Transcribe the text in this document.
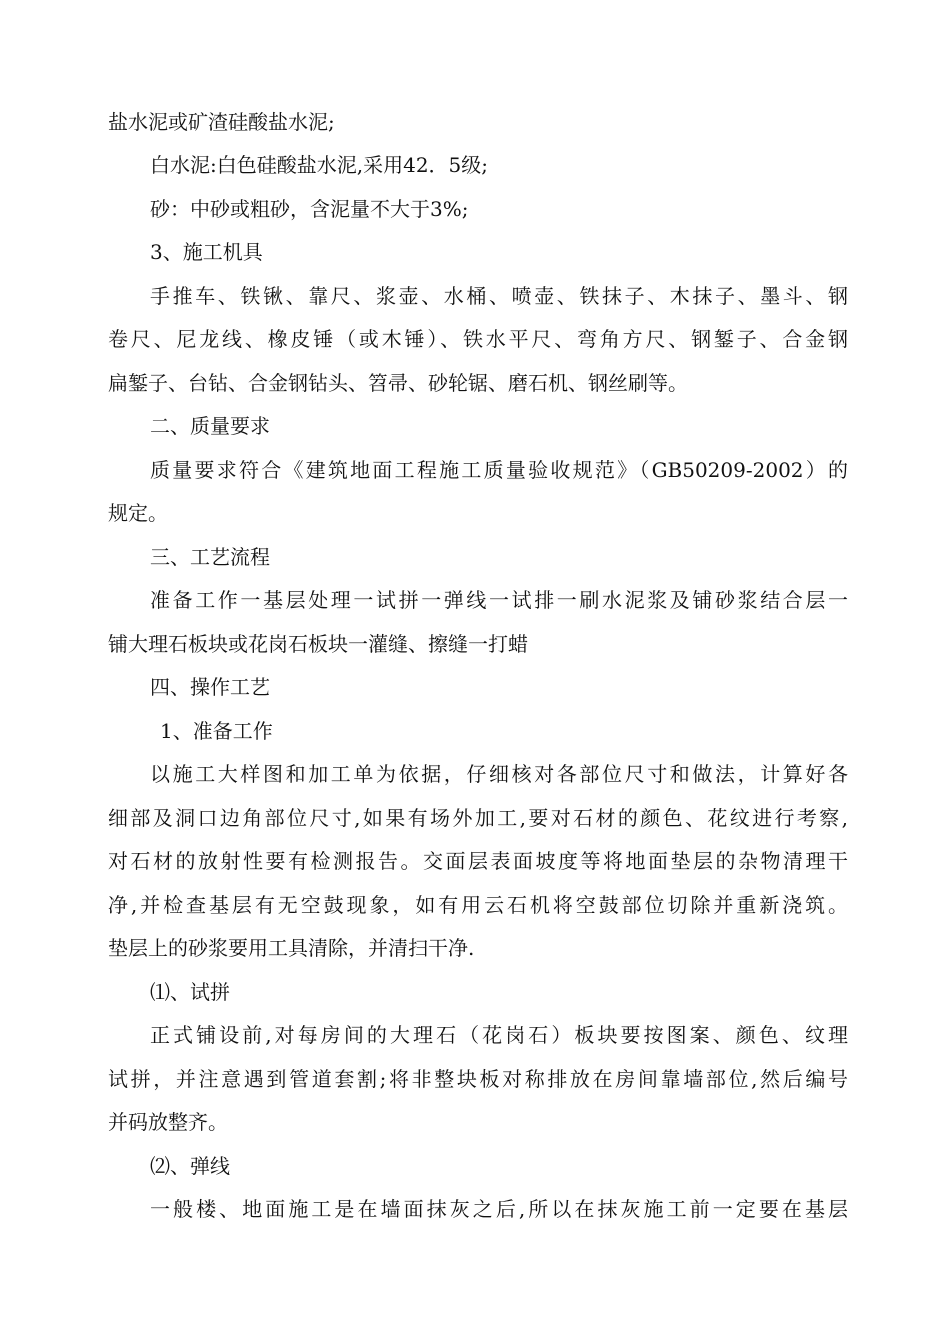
盐水泥或矿渣硅酸盐水泥;
白水泥:白色硅酸盐水泥,采用42．5级;
砂：中砂或粗砂，含泥量不大于3%;
3、施工机具
手推车、铁锹、靠尺、浆壶、水桶、喷壶、铁抹子、木抹子、墨斗、钢
卷尺、尼龙线、橡皮锤（或木锤）、铁水平尺、弯角方尺、钢錾子、合金钢
扁錾子、台钻、合金钢钻头、笤帚、砂轮锯、磨石机、钢丝刷等。
二、质量要求
质量要求符合《建筑地面工程施工质量验收规范》（GB50209-2002）的
规定。
三、工艺流程
准备工作一基层处理一试拼一弹线一试排一刷水泥浆及铺砂浆结合层一
铺大理石板块或花岗石板块一灌缝、擦缝一打蜡
四、操作工艺
1、准备工作
以施工大样图和加工单为依据，仔细核对各部位尺寸和做法，计算好各
细部及洞口边角部位尺寸,如果有场外加工,要对石材的颜色、花纹进行考察,
对石材的放射性要有检测报告。交面层表面坡度等将地面垫层的杂物清理干
净,并检查基层有无空鼓现象，如有用云石机将空鼓部位切除并重新浇筑。
垫层上的砂浆要用工具清除，并清扫干净.
⑴、试拼
正式铺设前,对每房间的大理石（花岗石）板块要按图案、颜色、纹理
试拼，并注意遇到管道套割;将非整块板对称排放在房间靠墙部位,然后编号
并码放整齐。
⑵、弹线
一般楼、地面施工是在墙面抹灰之后,所以在抹灰施工前一定要在基层
